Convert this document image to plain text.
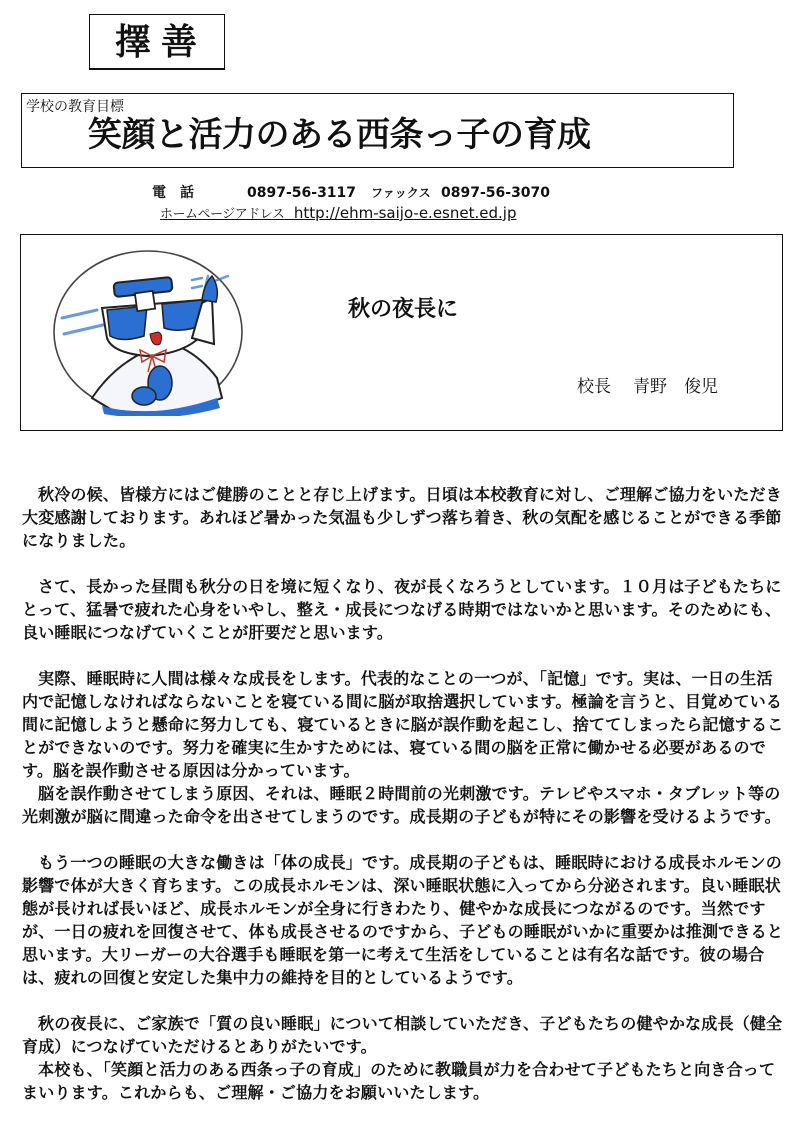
擇善
学校の教育目標
笑顔と活力のある西条っ子の育成
電　話	0897-56-3117 ファックス 0897-56-3070
ホームページアドレス http://ehm-saijo-e.esnet.ed.jp
秋の夜長に
校長 青野　俊児

秋冷の候、皆様方にはご健勝のことと存じ上げます。日頃は本校教育に対し、ご理解ご協力をいただき大変感謝しております。あれほど暑かった気温も少しずつ落ち着き、秋の気配を感じることができる季節になりました。

さて、長かった昼間も秋分の日を境に短くなり、夜が長くなろうとしています。１０月は子どもたちにとって、猛暑で疲れた心身をいやし、整え・成長につなげる時期ではないかと思います。そのためにも、良い睡眠につなげていくことが肝要だと思います。

実際、睡眠時に人間は様々な成長をします。代表的なことの一つが、「記憶」です。実は、一日の生活内で記憶しなければならないことを寝ている間に脳が取捨選択しています。極論を言うと、目覚めている間に記憶しようと懸命に努力しても、寝ているときに脳が誤作動を起こし、捨ててしまったら記憶することができないのです。努力を確実に生かすためには、寝ている間の脳を正常に働かせる必要があるのです。脳を誤作動させる原因は分かっています。

脳を誤作動させてしまう原因、それは、睡眠２時間前の光刺激です。テレビやスマホ・タブレット等の光刺激が脳に間違った命令を出させてしまうのです。成長期の子どもが特にその影響を受けるようです。

もう一つの睡眠の大きな働きは「体の成長」です。成長期の子どもは、睡眠時における成長ホルモンの影響で体が大きく育ちます。この成長ホルモンは、深い睡眠状態に入ってから分泌されます。良い睡眠状態が長ければ長いほど、成長ホルモンが全身に行きわたり、健やかな成長につながるのです。当然ですが、一日の疲れを回復させて、体も成長させるのですから、子どもの睡眠がいかに重要かは推測できると思います。大リーガーの大谷選手も睡眠を第一に考えて生活をしていることは有名な話です。彼の場合は、疲れの回復と安定した集中力の維持を目的としているようです。

秋の夜長に、ご家族で「質の良い睡眠」について相談していただき、子どもたちの健やかな成長（健全育成）につなげていただけるとありがたいです。

本校も、「笑顔と活力のある西条っ子の育成」のために教職員が力を合わせて子どもたちと向き合ってまいります。これからも、ご理解・ご協力をお願いいたします。
